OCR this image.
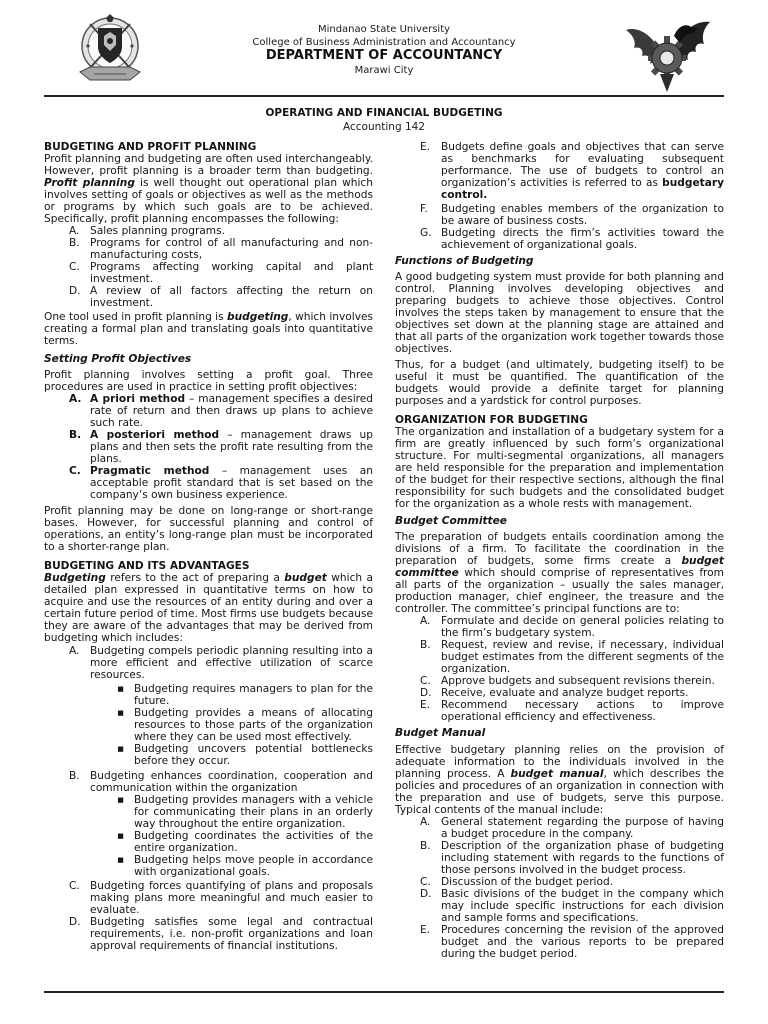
Mindanao State University
College of Business Administration and Accountancy
DEPARTMENT OF ACCOUNTANCY
Marawi City
OPERATING AND FINANCIAL BUDGETING
Accounting 142
BUDGETING AND PROFIT PLANNING

Profit planning and budgeting are often used interchangeably. However, profit planning is a broader term than budgeting. Profit planning is well thought out operational plan which involves setting of goals or objectives as well as the methods or programs by which such goals are to be achieved. Specifically, profit planning encompasses the following:

A. Sales planning programs.
B. Programs for control of all manufacturing and non-manufacturing costs,
C. Programs affecting working capital and plant investment.
D. A review of all factors affecting the return on investment.

One tool used in profit planning is budgeting, which involves creating a formal plan and translating goals into quantitative terms.

Setting Profit Objectives

Profit planning involves setting a profit goal. Three procedures are used in practice in setting profit objectives:

A. A priori method – management specifies a desired rate of return and then draws up plans to achieve such rate.
B. A posteriori method – management draws up plans and then sets the profit rate resulting from the plans.
C. Pragmatic method – management uses an acceptable profit standard that is set based on the company’s own business experience.

Profit planning may be done on long-range or short-range bases. However, for successful planning and control of operations, an entity’s long-range plan must be incorporated to a shorter-range plan.

BUDGETING AND ITS ADVANTAGES

Budgeting refers to the act of preparing a budget which a detailed plan expressed in quantitative terms on how to acquire and use the resources of an entity during and over a certain future period of time. Most firms use budgets because they are aware of the advantages that may be derived from budgeting which includes:

A. Budgeting compels periodic planning resulting into a more efficient and effective utilization of scarce resources.
▪ Budgeting requires managers to plan for the future.
▪ Budgeting provides a means of allocating resources to those parts of the organization where they can be used most effectively.
▪ Budgeting uncovers potential bottlenecks before they occur.
B. Budgeting enhances coordination, cooperation and communication within the organization
▪ Budgeting provides managers with a vehicle for communicating their plans in an orderly way throughout the entire organization.
▪ Budgeting coordinates the activities of the entire organization.
▪ Budgeting helps move people in accordance with organizational goals.
C. Budgeting forces quantifying of plans and proposals making plans more meaningful and much easier to evaluate.
D. Budgeting satisfies some legal and contractual requirements, i.e. non-profit organizations and loan approval requirements of financial institutions.
E. Budgets define goals and objectives that can serve as benchmarks for evaluating subsequent performance. The use of budgets to control an organization’s activities is referred to as budgetary control.
F. Budgeting enables members of the organization to be aware of business costs.
G. Budgeting directs the firm’s activities toward the achievement of organizational goals.
Functions of Budgeting

A good budgeting system must provide for both planning and control. Planning involves developing objectives and preparing budgets to achieve those objectives. Control involves the steps taken by management to ensure that the objectives set down at the planning stage are attained and that all parts of the organization work together towards those objectives.

Thus, for a budget (and ultimately, budgeting itself) to be useful it must be quantified. The quantification of the budgets would provide a definite target for planning purposes and a yardstick for control purposes.

ORGANIZATION FOR BUDGETING

The organization and installation of a budgetary system for a firm are greatly influenced by such form’s organizational structure. For multi-segmental organizations, all managers are held responsible for the preparation and implementation of the budget for their respective sections, although the final responsibility for such budgets and the consolidated budget for the organization as a whole rests with management.

Budget Committee

The preparation of budgets entails coordination among the divisions of a firm. To facilitate the coordination in the preparation of budgets, some firms create a budget committee which should comprise of representatives from all parts of the organization – usually the sales manager, production manager, chief engineer, the treasure and the controller. The committee’s principal functions are to:

A. Formulate and decide on general policies relating to the firm’s budgetary system.
B. Request, review and revise, if necessary, individual budget estimates from the different segments of the organization.
C. Approve budgets and subsequent revisions therein.
D. Receive, evaluate and analyze budget reports.
E. Recommend necessary actions to improve operational efficiency and effectiveness.
Budget Manual

Effective budgetary planning relies on the provision of adequate information to the individuals involved in the planning process. A budget manual, which describes the policies and procedures of an organization in connection with the preparation and use of budgets, serve this purpose. Typical contents of the manual include:

A. General statement regarding the purpose of having a budget procedure in the company.
B. Description of the organization phase of budgeting including statement with regards to the functions of those persons involved in the budget process.
C. Discussion of the budget period.
D. Basic divisions of the budget in the company which may include specific instructions for each division and sample forms and specifications.
E. Procedures concerning the revision of the approved budget and the various reports to be prepared during the budget period.
